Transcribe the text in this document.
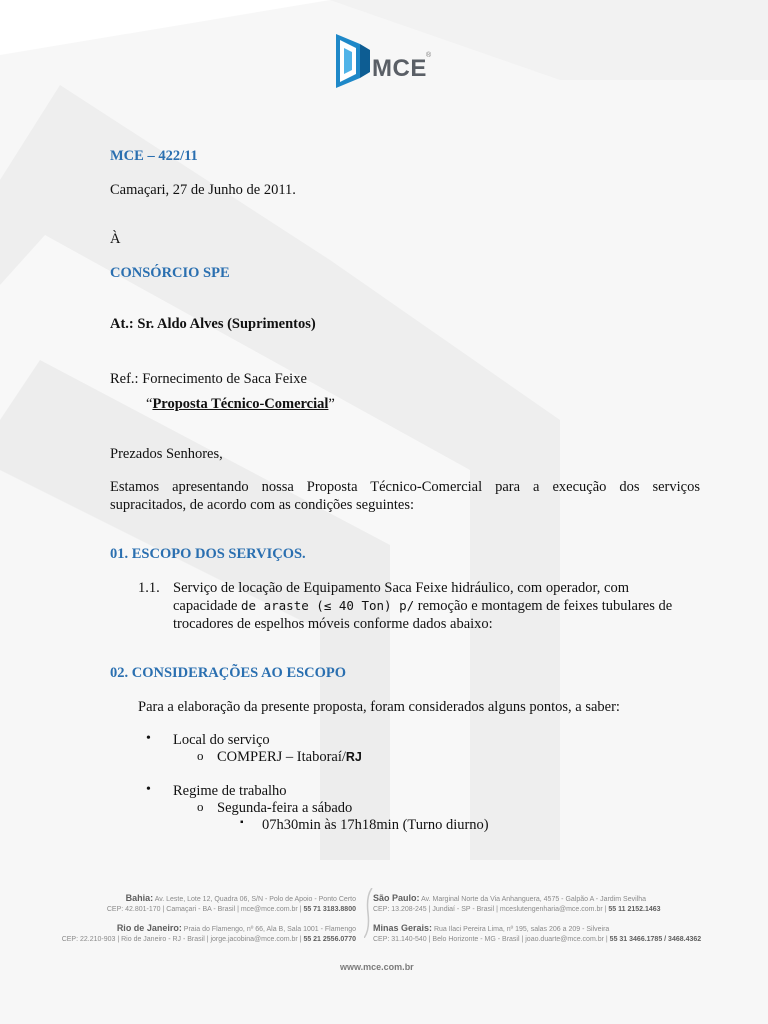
MCE ®
MCE – 422/11
Camaçari, 27 de Junho de 2011.
À
CONSÓRCIO SPE
At.: Sr. Aldo Alves (Suprimentos)
Ref.: Fornecimento de Saca Feixe
“Proposta Técnico-Comercial”
Prezados Senhores,
Estamos apresentando nossa Proposta Técnico-Comercial para a execução dos serviços
supracitados, de acordo com as condições seguintes:
01. ESCOPO DOS SERVIÇOS.
1.1. Serviço de locação de Equipamento Saca Feixe hidráulico, com operador, com
capacidade de araste (≤ 40 Ton) p/ remoção e montagem de feixes tubulares de
trocadores de espelhos móveis conforme dados abaixo:
02. CONSIDERAÇÕES AO ESCOPO
Para a elaboração da presente proposta, foram considerados alguns pontos, a saber:
• Local do serviço
o COMPERJ – Itaboraí/RJ
• Regime de trabalho
o Segunda-feira a sábado
▪ 07h30min às 17h18min (Turno diurno)
Bahia: Av. Leste, Lote 12, Quadra 06, S/N - Polo de Apoio - Ponto Certo
CEP: 42.801-170 | Camaçari - BA - Brasil | mce@mce.com.br | 55 71 3183.8800
São Paulo: Av. Marginal Norte da Via Anhanguera, 4575 - Galpão A - Jardim Sevilha
CEP: 13.208-245 | Jundiaí - SP - Brasil | mceslutengenharia@mce.com.br | 55 11 2152.1463
Rio de Janeiro: Praia do Flamengo, nº 66, Ala B, Sala 1001 - Flamengo
CEP: 22.210-903 | Rio de Janeiro - RJ - Brasil | jorge.jacobina@mce.com.br | 55 21 2556.0770
Minas Gerais: Rua Ilaci Pereira Lima, nº 195, salas 206 a 209 - Silveira
CEP: 31.140-540 | Belo Horizonte - MG - Brasil | joao.duarte@mce.com.br | 55 31 3466.1785 / 3468.4362
www.mce.com.br
